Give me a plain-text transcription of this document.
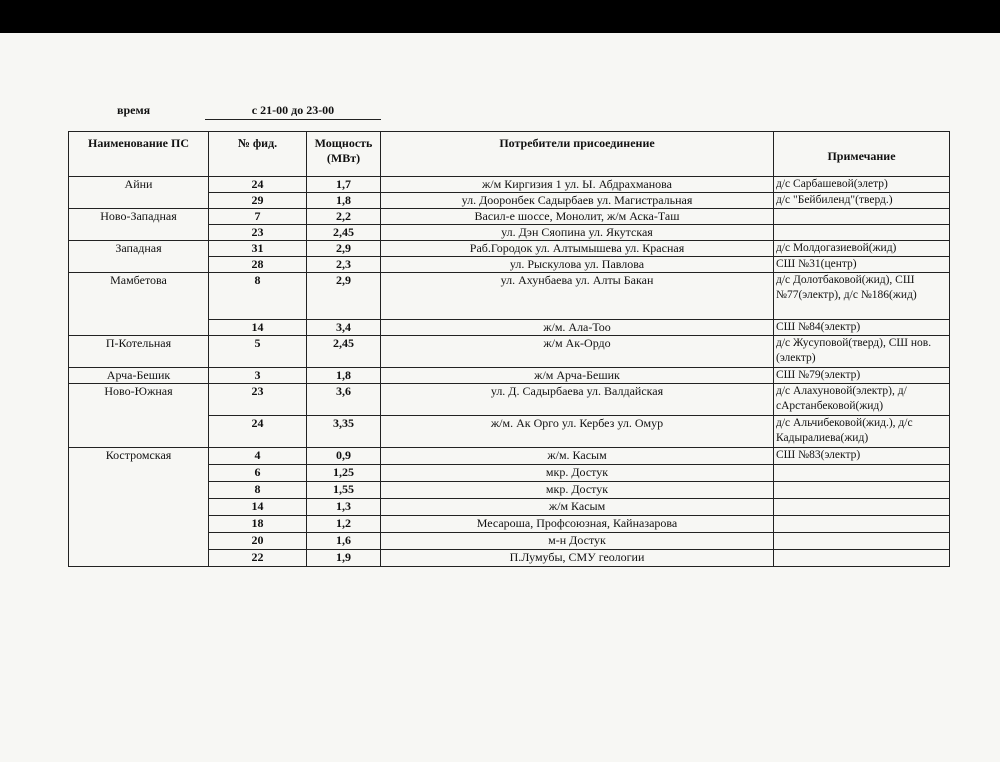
время	с 21-00 до 23-00
Наименование ПС	№ фид.	Мощность (МВт)	Потребители присоединение	Примечание
Айни	24	1,7	ж/м Киргизия 1 ул. Ы. Абдрахманова	д/с Сарбашевой(элетр)
	29	1,8	ул. Дооронбек Садырбаев ул. Магистральная	д/с "Бейбиленд"(тверд.)
Ново-Западная	7	2,2	Васил-е шоссе, Монолит, ж/м Аска-Таш	
	23	2,45	ул. Дэн Сяопина ул. Якутская	
Западная	31	2,9	Раб.Городок ул. Алтымышева ул. Красная	д/с Молдогазиевой(жид)
	28	2,3	ул. Рыскулова ул. Павлова	СШ №31(центр)
Мамбетова	8	2,9	ул. Ахунбаева ул. Алты Бакан	д/с Долотбаковой(жид), СШ №77(электр), д/с №186(жид)
	14	3,4	ж/м. Ала-Тоо	СШ №84(электр)
П-Котельная	5	2,45	ж/м Ак-Ордо	д/с Жусуповой(тверд), СШ нов.(электр)
Арча-Бешик	3	1,8	ж/м Арча-Бешик	СШ №79(электр)
Ново-Южная	23	3,6	ул. Д. Садырбаева ул. Валдайская	д/с Алахуновой(электр), д/сАрстанбековой(жид)
	24	3,35	ж/м. Ак Орго ул. Кербез ул. Омур	д/с Альчибековой(жид.), д/с Кадыралиева(жид)
Костромская	4	0,9	ж/м. Касым	СШ №83(электр)
	6	1,25	мкр. Достук	
	8	1,55	мкр. Достук	
	14	1,3	ж/м Касым	
	18	1,2	Месароша, Профсоюзная, Кайназарова	
	20	1,6	м-н Достук	
	22	1,9	П.Лумубы, СМУ геологии	
